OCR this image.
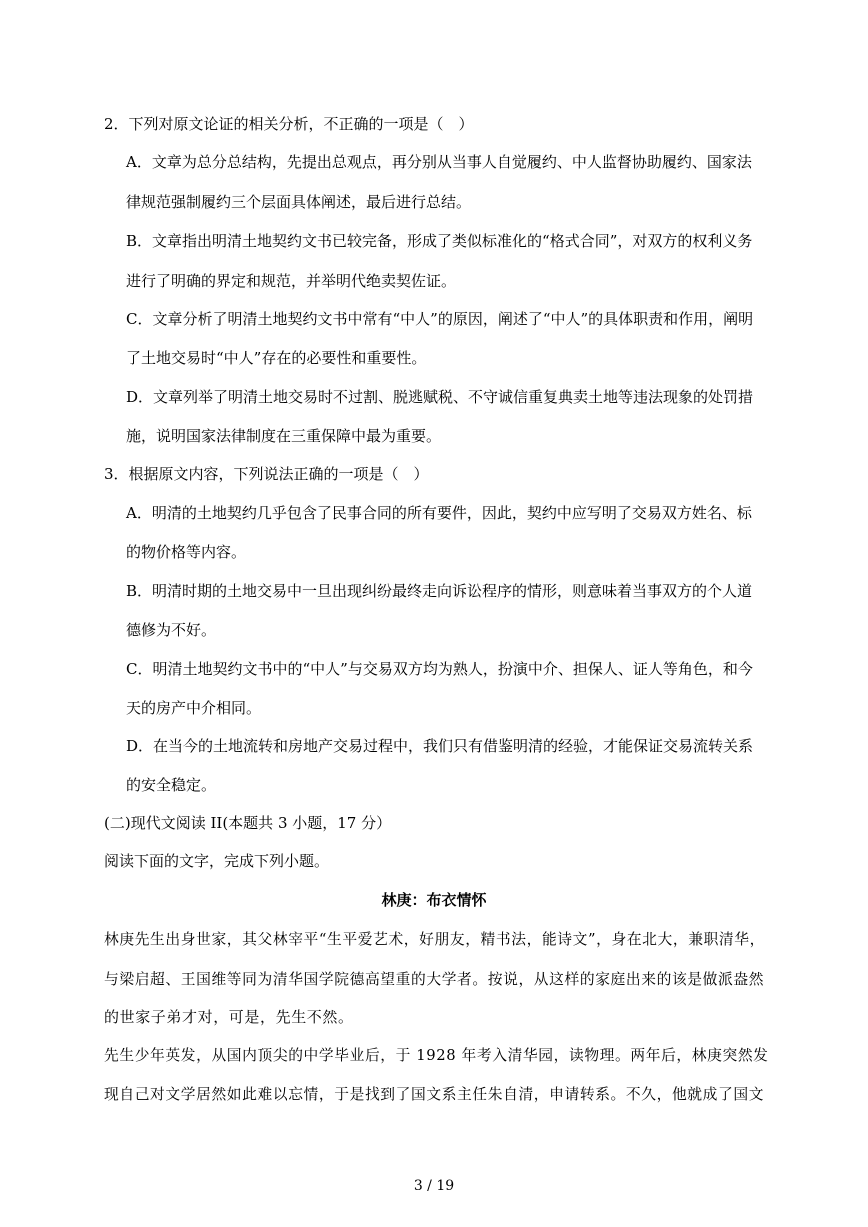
2．下列对原文论证的相关分析，不正确的一项是（　）
A．文章为总分总结构，先提出总观点，再分别从当事人自觉履约、中人监督协助履约、国家法
律规范强制履约三个层面具体阐述，最后进行总结。
B．文章指出明清土地契约文书已较完备，形成了类似标准化的“格式合同”，对双方的权利义务
进行了明确的界定和规范，并举明代绝卖契佐证。
C．文章分析了明清土地契约文书中常有“中人”的原因，阐述了“中人”的具体职责和作用，阐明
了土地交易时“中人”存在的必要性和重要性。
D．文章列举了明清土地交易时不过割、脱逃赋税、不守诚信重复典卖土地等违法现象的处罚措
施，说明国家法律制度在三重保障中最为重要。
3．根据原文内容，下列说法正确的一项是（　）
A．明清的土地契约几乎包含了民事合同的所有要件，因此，契约中应写明了交易双方姓名、标
的物价格等内容。
B．明清时期的土地交易中一旦出现纠纷最终走向诉讼程序的情形，则意味着当事双方的个人道
德修为不好。
C．明清土地契约文书中的“中人”与交易双方均为熟人，扮演中介、担保人、证人等角色，和今
天的房产中介相同。
D．在当今的土地流转和房地产交易过程中，我们只有借鉴明清的经验，才能保证交易流转关系
的安全稳定。
(二)现代文阅读 II(本题共 3 小题，17 分）
阅读下面的文字，完成下列小题。
林庚：布衣情怀
林庚先生出身世家，其父林宰平“生平爱艺术，好朋友，精书法，能诗文”，身在北大，兼职清华，
与梁启超、王国维等同为清华国学院德高望重的大学者。按说，从这样的家庭出来的该是做派盎然
的世家子弟才对，可是，先生不然。
先生少年英发，从国内顶尖的中学毕业后，于 1928 年考入清华园，读物理。两年后，林庚突然发
现自己对文学居然如此难以忘情，于是找到了国文系主任朱自清，申请转系。不久，他就成了国文
3 / 19
